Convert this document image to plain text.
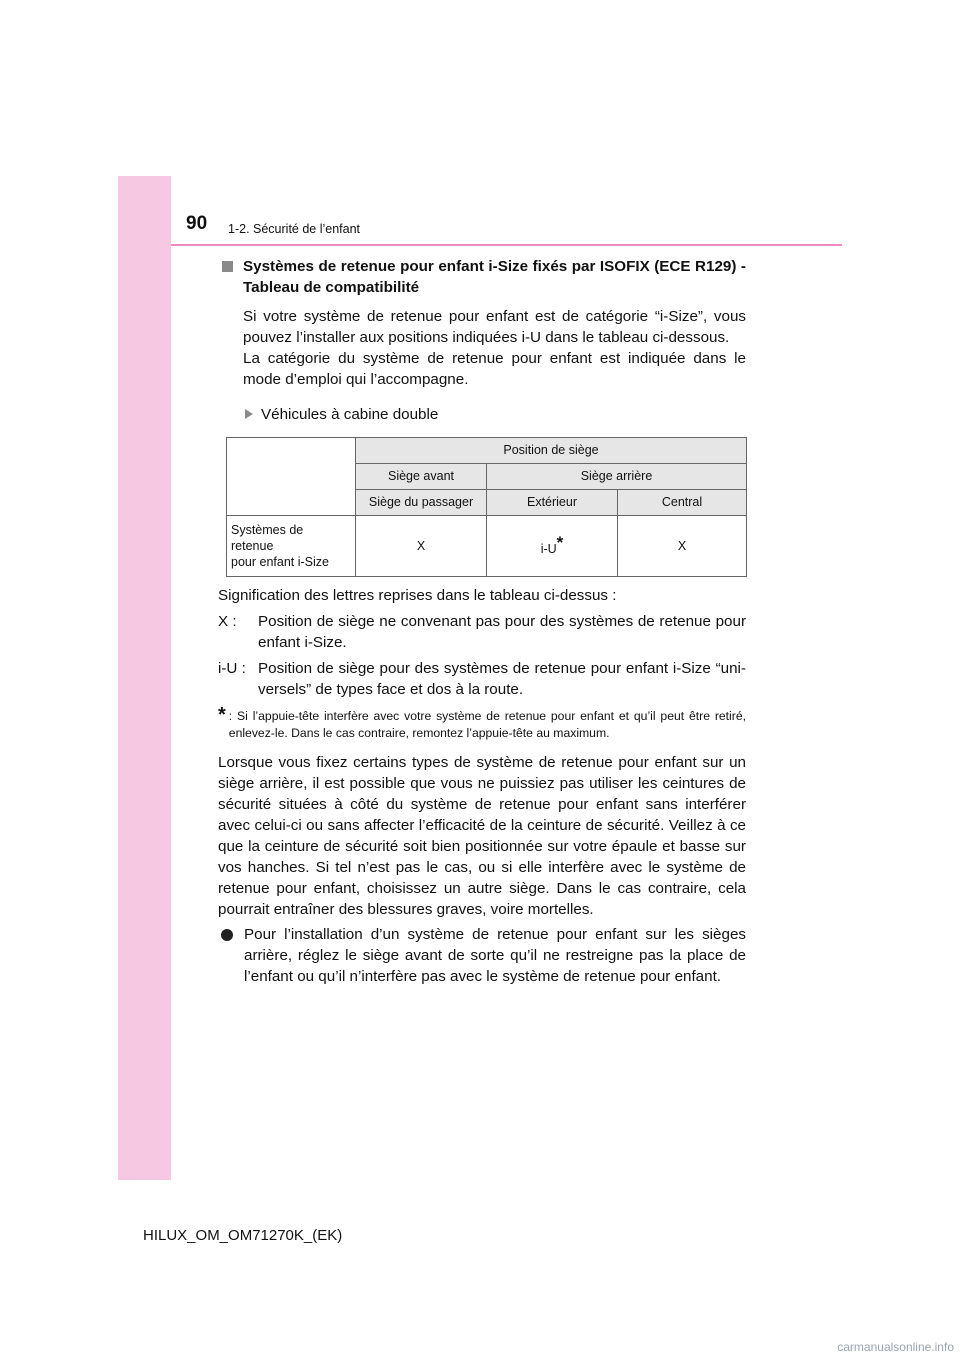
90 1-2. Sécurité de l’enfant
Systèmes de retenue pour enfant i-Size fixés par ISOFIX (ECE R129) - Tableau de compatibilité
Si votre système de retenue pour enfant est de catégorie “i-Size”, vous pouvez l’installer aux positions indiquées i-U dans le tableau ci-dessous.
La catégorie du système de retenue pour enfant est indiquée dans le mode d’emploi qui l’accompagne.
Véhicules à cabine double
	Position de siège		
	Siège avant	Siège arrière	
	Siège du passager	Extérieur	Central

Systèmes de
retenue
pour enfant i-Size	X	i-U*	X
Signification des lettres reprises dans le tableau ci-dessus :
X :	Position de siège ne convenant pas pour des systèmes de retenue pour enfant i-Size.
i-U : Position de siège pour des systèmes de retenue pour enfant i-Size “uni-versels” de types face et dos à la route.
* : Si l’appuie-tête interfère avec votre système de retenue pour enfant et qu’il peut être retiré, enlevez-le. Dans le cas contraire, remontez l’appuie-tête au maximum.
Lorsque vous fixez certains types de système de retenue pour enfant sur un siège arrière, il est possible que vous ne puissiez pas utiliser les ceintures de sécurité situées à côté du système de retenue pour enfant sans interférer avec celui-ci ou sans affecter l’efficacité de la ceinture de sécurité. Veillez à ce que la ceinture de sécurité soit bien positionnée sur votre épaule et basse sur vos hanches. Si tel n’est pas le cas, ou si elle interfère avec le système de retenue pour enfant, choisissez un autre siège. Dans le cas contraire, cela pourrait entraîner des blessures graves, voire mortelles.
Pour l’installation d’un système de retenue pour enfant sur les sièges arrière, réglez le siège avant de sorte qu’il ne restreigne pas la place de l’enfant ou qu’il n’interfère pas avec le système de retenue pour enfant.
HILUX_OM_OM71270K_(EK)
carmanualsonline.info
